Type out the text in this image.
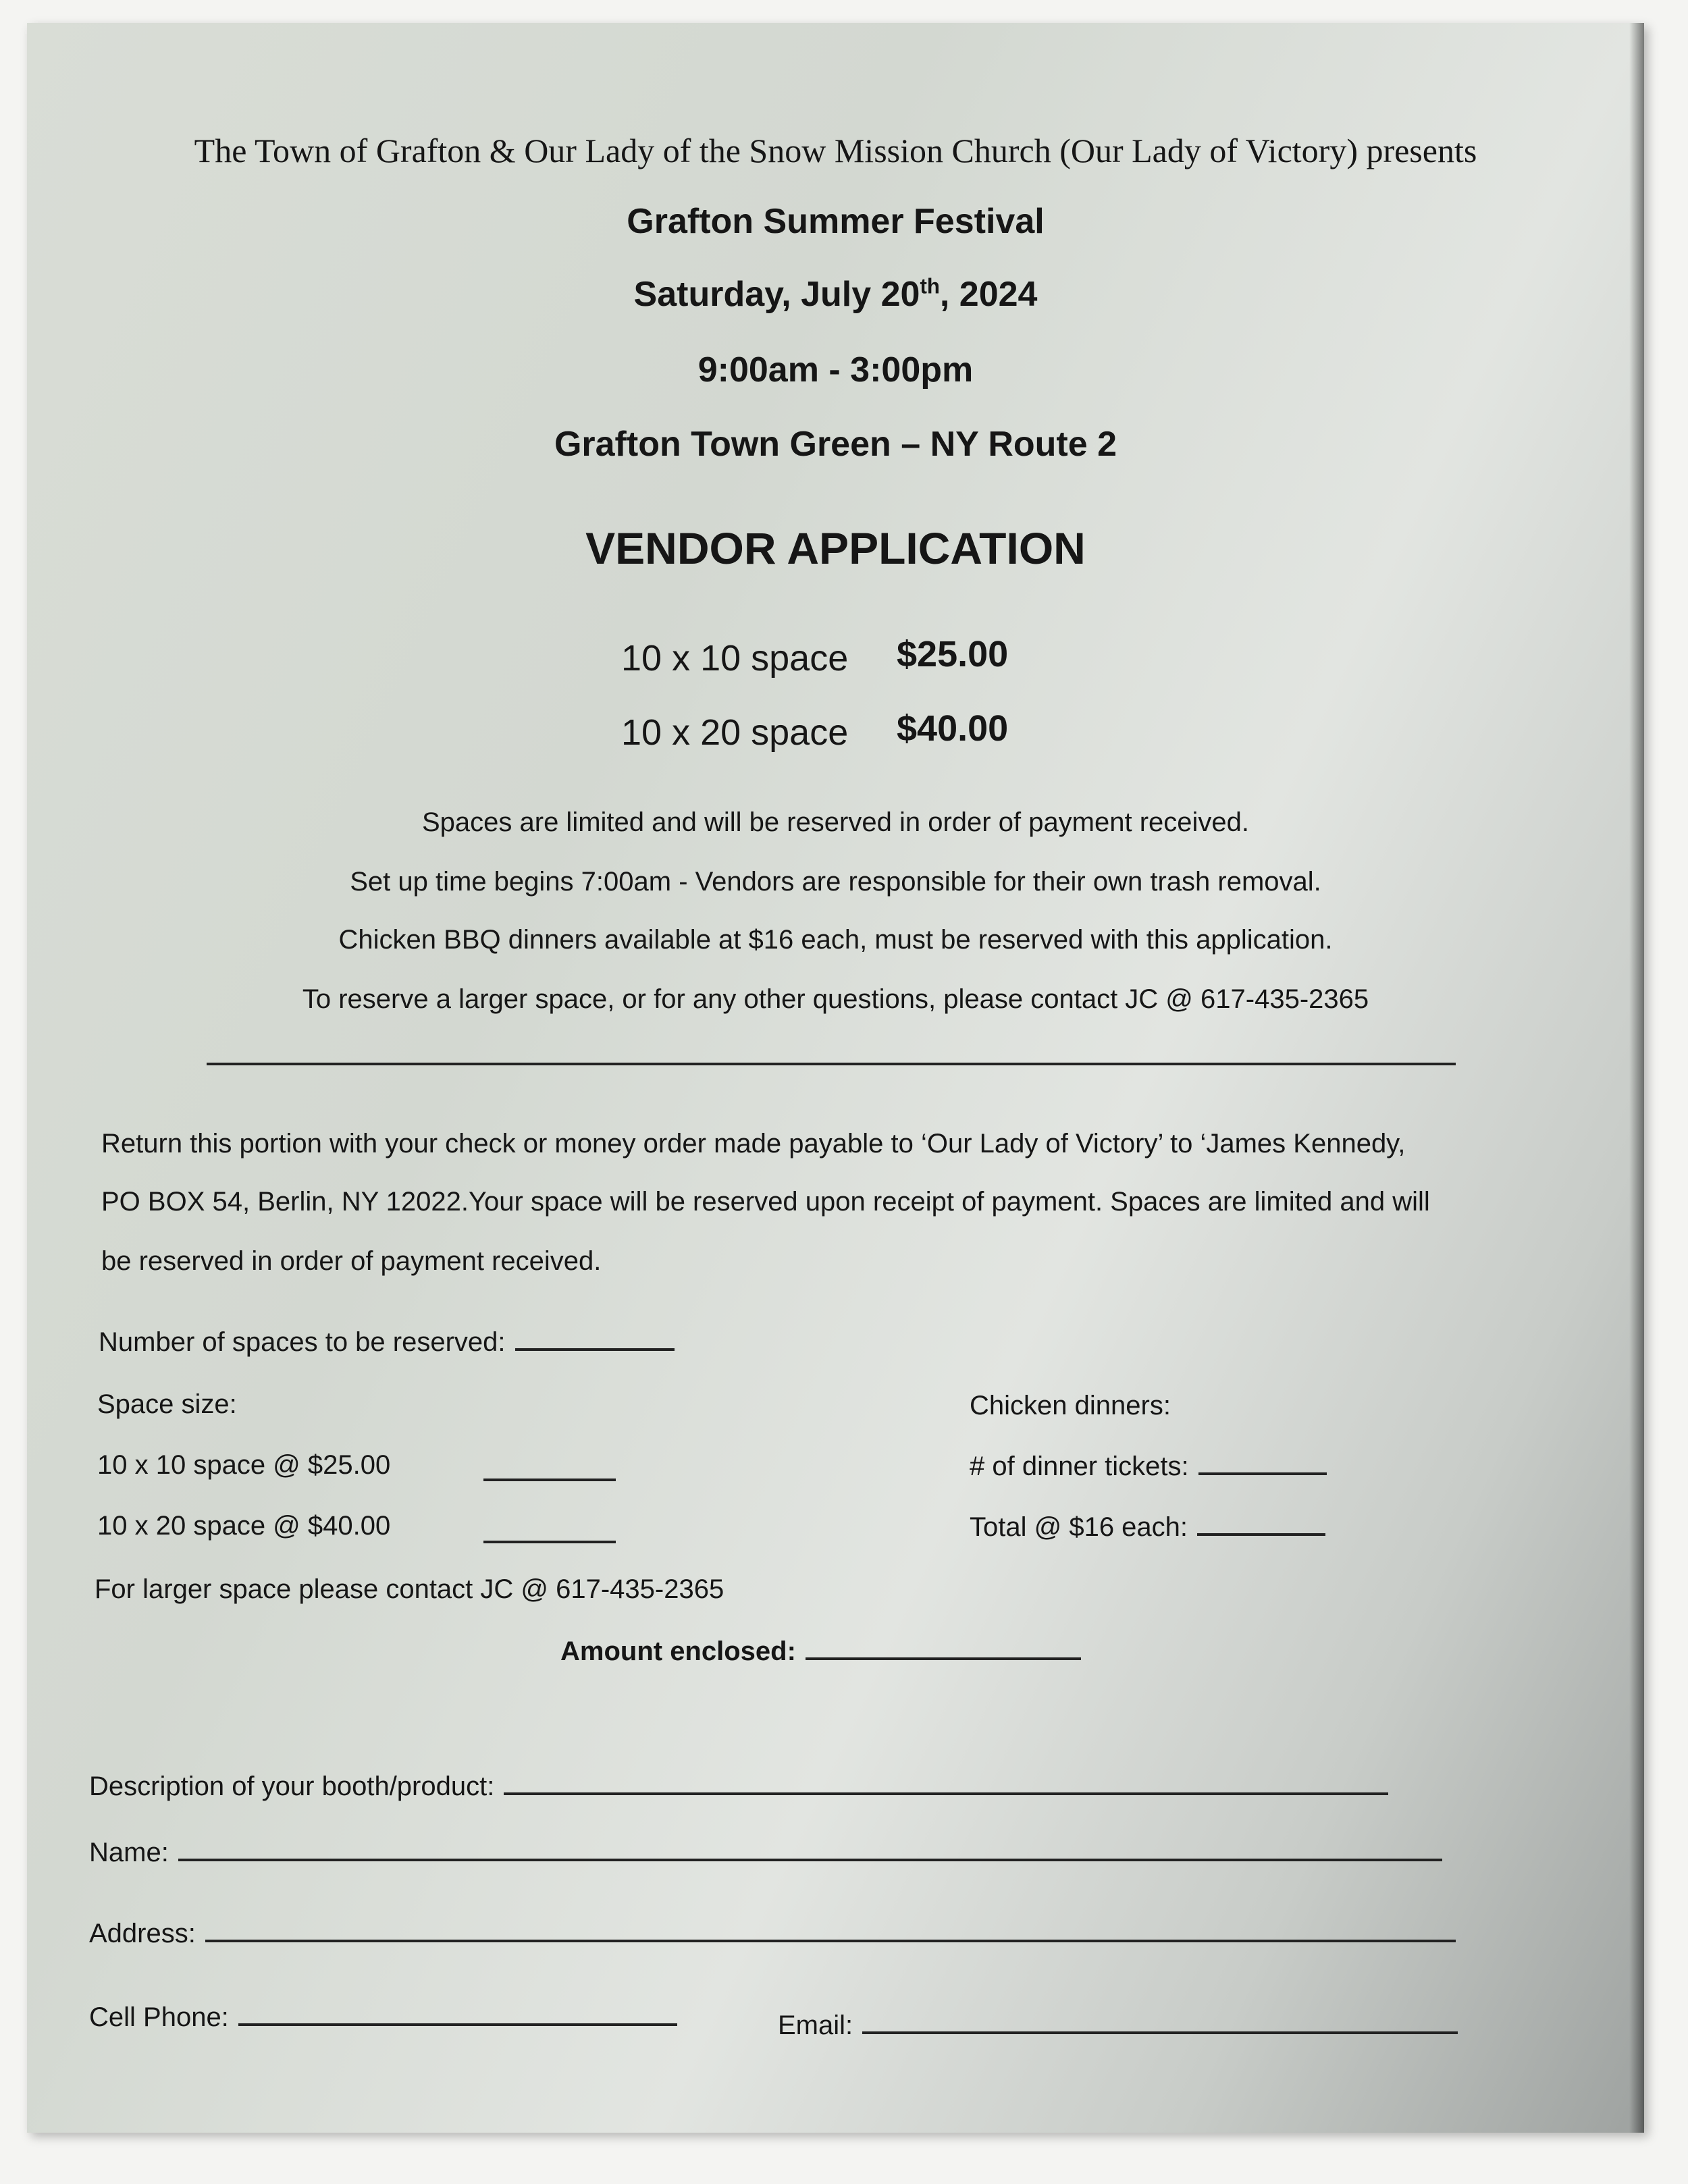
The Town of Grafton & Our Lady of the Snow Mission Church (Our Lady of Victory) presents
Grafton Summer Festival
Saturday, July 20th, 2024
9:00am - 3:00pm
Grafton Town Green – NY Route 2
VENDOR APPLICATION
10 x 10 space $25.00
10 x 20 space $40.00
Spaces are limited and will be reserved in order of payment received.
Set up time begins 7:00am - Vendors are responsible for their own trash removal.
Chicken BBQ dinners available at $16 each, must be reserved with this application.
To reserve a larger space, or for any other questions, please contact JC @ 617-435-2365
Return this portion with your check or money order made payable to ‘Our Lady of Victory’ to ‘James Kennedy,
PO BOX 54, Berlin, NY 12022.Your space will be reserved upon receipt of payment. Spaces are limited and will
be reserved in order of payment received.
Number of spaces to be reserved:
Space size:
10 x 10 space @ $25.00
10 x 20 space @ $40.00
For larger space please contact JC @ 617-435-2365
Chicken dinners:
# of dinner tickets:
Total @ $16 each:
Amount enclosed:
Description of your booth/product:
Name:
Address:
Cell Phone:	Email:
